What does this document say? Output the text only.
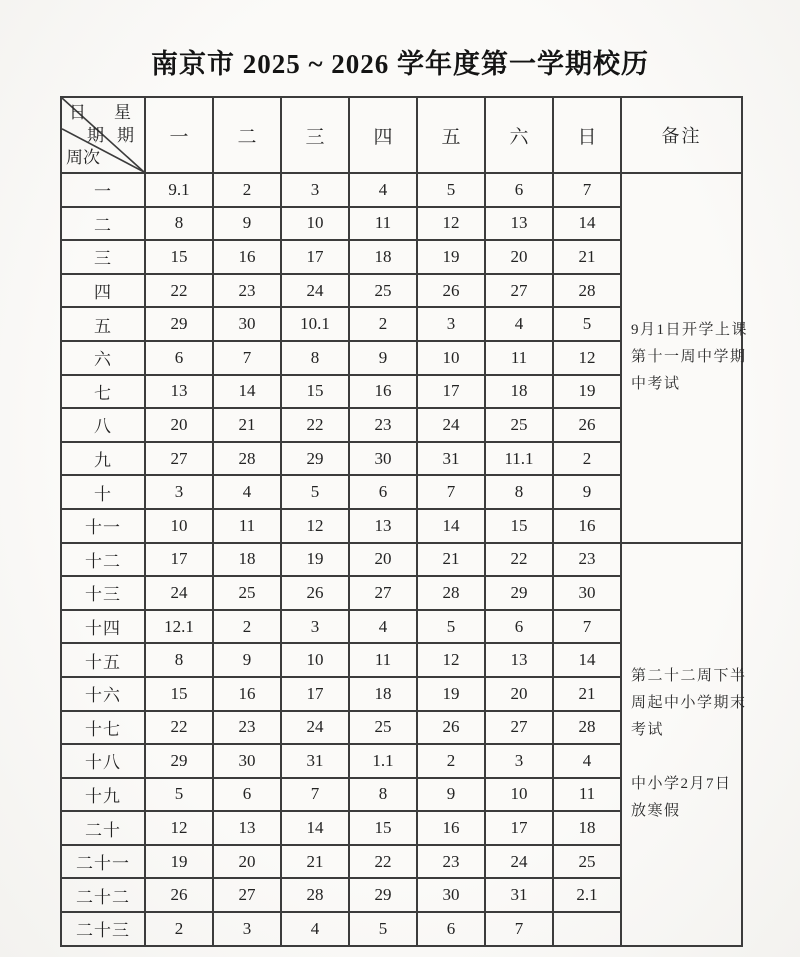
南京市 2025 ~ 2026 学年度第一学期校历
日
期
星
期
周次	一	二	三	四	五	六	日	备注
一	9.1	2	3	4	5	6	7	9月1日开学上课
第十一周中学期
中考试

二	8	9	10	11	12	13	14	
三	15	16	17	18	19	20	21	
四	22	23	24	25	26	27	28	
五	29	30	10.1	2	3	4	5	
六	6	7	8	9	10	11	12	
七	13	14	15	16	17	18	19	
八	20	21	22	23	24	25	26	
九	27	28	29	30	31	11.1	2	
十	3	4	5	6	7	8	9	
十一	10	11	12	13	14	15	16	
十二	17	18	19	20	21	22	23	第二十二周下半
周起中小学期末
考试
中小学2月7日
放寒假

十三	24	25	26	27	28	29	30	
十四	12.1	2	3	4	5	6	7	
十五	8	9	10	11	12	13	14	
十六	15	16	17	18	19	20	21	
十七	22	23	24	25	26	27	28	
十八	29	30	31	1.1	2	3	4	
十九	5	6	7	8	9	10	11	
二十	12	13	14	15	16	17	18	
二十一	19	20	21	22	23	24	25	
二十二	26	27	28	29	30	31	2.1	
二十三	2	3	4	5	6	7		
